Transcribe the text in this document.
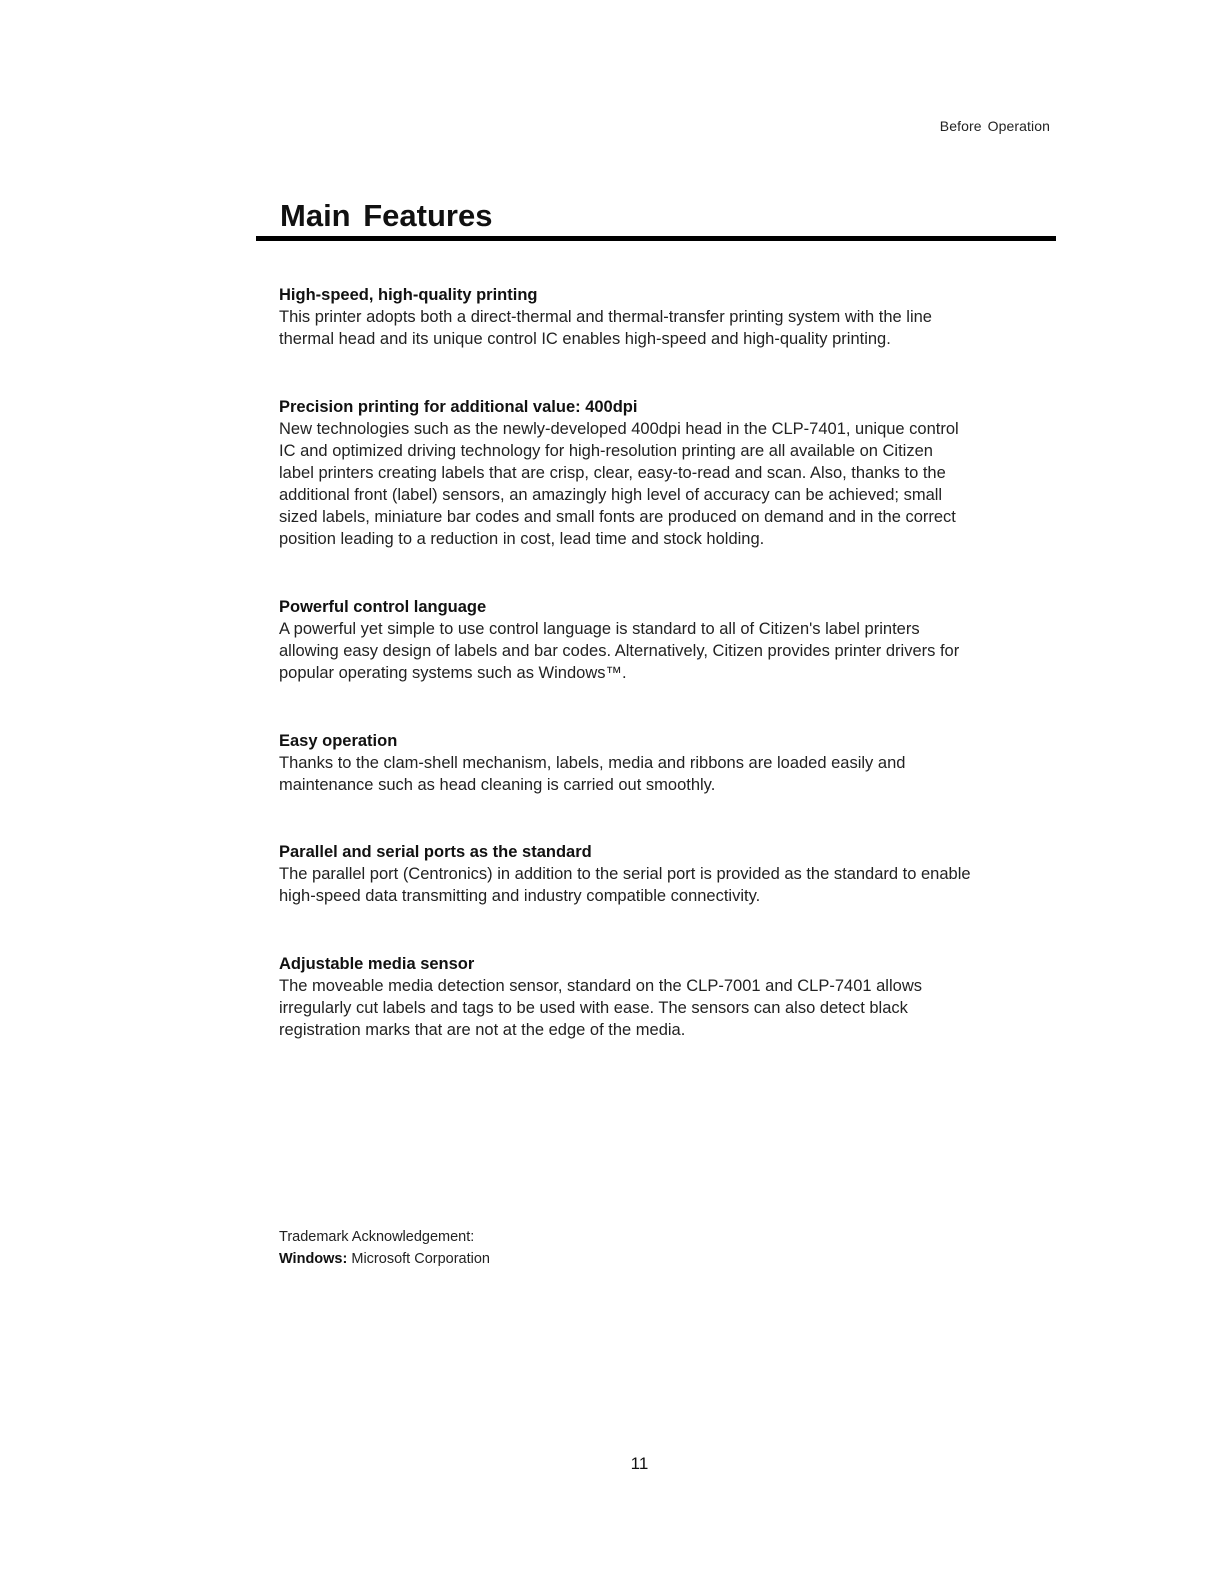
Before Operation
Main Features

High-speed, high-quality printing

This printer adopts both a direct-thermal and thermal-transfer printing system with the line
thermal head and its unique control IC enables high-speed and high-quality printing.

Precision printing for additional value: 400dpi

New technologies such as the newly-developed 400dpi head in the CLP-7401, unique control
IC and optimized driving technology for high-resolution printing are all available on Citizen
label printers creating labels that are crisp, clear, easy-to-read and scan. Also, thanks to the
additional front (label) sensors, an amazingly high level of accuracy can be achieved; small
sized labels, miniature bar codes and small fonts are produced on demand and in the correct
position leading to a reduction in cost, lead time and stock holding.

Powerful control language

A powerful yet simple to use control language is standard to all of Citizen's label printers
allowing easy design of labels and bar codes. Alternatively, Citizen provides printer drivers for
popular operating systems such as Windows™.

Easy operation

Thanks to the clam-shell mechanism, labels, media and ribbons are loaded easily and
maintenance such as head cleaning is carried out smoothly.

Parallel and serial ports as the standard

The parallel port (Centronics) in addition to the serial port is provided as the standard to enable
high-speed data transmitting and industry compatible connectivity.

Adjustable media sensor

The moveable media detection sensor, standard on the CLP-7001 and CLP-7401 allows
irregularly cut labels and tags to be used with ease. The sensors can also detect black
registration marks that are not at the edge of the media.

Trademark Acknowledgement:
Windows: Microsoft Corporation
11
